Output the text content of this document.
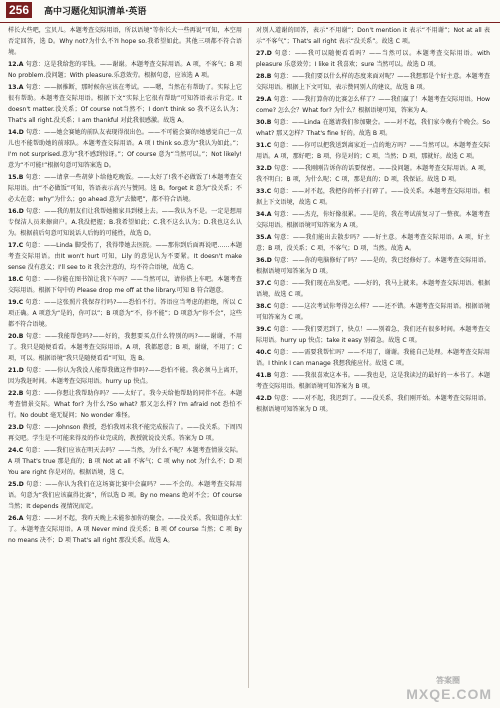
256	高中习题化知识清单·英语
样长大些吧，宝贝儿。本题考查交际用语，所以语境“等你长大一些再说”可知，本空用否定回答，选 D。Why not?为什么不?I hope so.我希望如此。其他三项都不符合语境。
12.A 句意：这是我给您的零钱。——谢谢。本题考查交际用语。A 项，不客气；B 项 No problem.没问题；With pleasure.乐意效劳。根据句意，应该选 A 项。
13.A 句意：——据推断，那时候你应该在考试。——嗯，当然在有帮助了。实际上它很有帮助。本题考查交际用语。根据下文“实际上它很有帮助”可知答语表示肯定。It doesn't matter.没关系；Of course not当然不；I don't think so 我不这么认为；That's all right.没关系；I am thankful 对此我很感激。故选 A。
14.D 句意：——她会赛她的前队友表现得很出色。——不可能会赛的!她感觉自己一点儿也不能帮助她的前球队。本题考查交际用语。A 项 I think so.意为“我认为如此。”；I'm not surprised.意为“我不感到惊讶。”；Of course 意为“当然可以。”；Not likely!意为“不可能!”根据句意可知答案选 D。
15.B 句意：——请拿一些胡萝卜给他吃晚饭。——太好了!我不必做饭了!本题考查交际用语。由“不必做饭”可知，答语表示高兴与赞同。选 B。forget it 意为“没关系；不必太在意；why”为什么；go ahead 意为“去做吧”，都不符合语境。
16.D 句意：——我的朋友们让我帮她搬家具到楼上去。——我认为不是。一定是想用专保洁人员来擦窗户。A.我没把握；B.我希望如此；C.我不这么认为；D.我也这么认为。根据前后句意可知说话人后悔的可能性，故选 D。
17.C 句意：——Linda 脚受伤了，我得带她去医院。——那你到后面再说吧……本题考查交际用语。由It won't hurt 可知，Lily 的意见认为不要紧。It doesn't make sense 没有意义；I'll see to it 我会注意的，均不符合语境，故选 C。
18.C 句意：——你能在图书馆让我下车吗？——当然可以，请你搭上车吧。本题考查交际用语。根据下句中的 Please drop me off at the library.可知 B 符合题意。
19.C 句意：——这张照片我保存行吗?——恐怕不行。答语应当考虑的拒绝，所以 C 项正确。A 项意为“是的，你可以”；B 项意为“不，你不能”；D 项意为“你不会”，这些都不符合语境。
20.B 句意：——我能帮您吗?——好的，我想要买点什么特别的吗?——谢谢，不用了。我只是随便看看。本题考查交际用语。A 项，我都愿意；B 项，谢谢，不用了；C 项，可以。根据语境“我只是随便看看”可知，选 B。
21.D 句意：——你认为我没人能帮我做这件事吗?——恐怕不能。我必须马上离开，因为我赶时间。本题考查交际用语。hurry up 快点。
22.B 句意：——你想让我帮助你吗？——太好了。我今天给他帮助的同伴不在。本题考查情景交际。What for? 为什么?So what? 那又怎么样? I'm afraid not 恐怕不行。No doubt 毫无疑问；No wonder 难怪。
23.D 句意：——Johnson 教授，恐怕我周末我不能完成报告了。——没关系。下周四再交吧。学生是不可能来得及的作业完成的，教授就说没关系。答案为 D 项。
24.C 句意：——我们应该在明天去吗？——当然，为什么不呢？本题考查情景交际。A 项 That's true 那是真的；B 项 Not at all 不客气；C 项 why not 为什么不；D 项 You are right 你是对的。根据语境，选 C。
25.D 句意：——你认为我们在这场赛比赛中会赢吗？——不会的。本题考查交际用语。句意为“我们应该赢得比赛”，所以选 D 项。By no means 绝对不会；Of course 当然；It depends 视情况而定。
26.A 句意：——对不起，我昨天晚上未能参加你的聚会。——没关系。我知道你太忙了。本题考查交际用语。A 项 Never mind 没关系；B 项 Of course 当然；C 项 By no means 决不；D 项 That's all right 那没关系。故选 A。
对别人道谢的回答，表示“不用谢”；Don't mention it 表示“不用谢”；Not at all 表示“不客气”；That's all right 表示“没关系”。故选 C 项。
27.D 句意：——我可以随便看看吗？——当然可以。本题考查交际用语。with pleasure 乐意效劳；I like it 我喜欢；sure 当然可以。故选 D 项。
28.B 句意：——我们要以什么样的态度来面对呢？——我想那是个好主意。本题考查交际用语。根据上下文可知，表示赞同别人的建议，故选 B 项。
29.A 句意：——我打算你的比赛怎么样了？——我们赢了！本题考查交际用语。How come? 怎么会？What for? 为什么？根据语境可知，答案为 A。
30.B 句意：——Linda 在邀请我们参加聚会。——对不起，我们家今晚有个晚会。So what? 那又怎样？That's fine 好的。故选 B 项。
31.C 句意：——你可以把我送到离家近一点的地方吗？——当然可以。本题考查交际用语。A 项，那好吧；B 项，你是对的；C 项，当然；D 项，那就好。故选 C 项。
32.D 句意：——我刚刚告诉你的话要保密。——没问题。本题考查交际用语。A 项，我不明白；B 项，为什么呢；C 项，那是真的；D 项，我保证。故选 D 项。
33.C 句意：——对不起，我把你的杯子打碎了。——没关系。本题考查交际用语。根据上下文语境，故选 C 项。
34.A 句意：——杰克，你好像很累。——是的，我在考试前复习了一整夜。本题考查交际用语。根据语境可知答案为 A 项。
35.A 句意：——我们能出去散步吗？——好主意。本题考查交际用语。A 项，好主意；B 项，没关系；C 项，不客气；D 项，当然。故选 A。
36.D 句意：——你的电脑修好了吗？——是的，我已经修好了。本题考查交际用语。根据语境可知答案为 D 项。
37.C 句意：——我们现在出发吧。——好的，我马上就来。本题考查交际用语。根据语境，故选 C 项。
38.C 句意：——这次考试你考得怎么样？——还不错。本题考查交际用语。根据语境可知答案为 C 项。
39.C 句意：——我们要迟到了，快点！——别着急，我们还有很多时间。本题考查交际用语。hurry up 快点；take it easy 别着急。故选 C 项。
40.C 句意：——需要我帮忙吗？——不用了，谢谢。我能自己处理。本题考查交际用语。I think I can manage 我想我能应付。故选 C 项。
41.B 句意：——我很喜欢这本书。——我也是，这是我读过的最好的一本书了。本题考查交际用语。根据语境可知答案为 B 项。
42.D 句意：——对不起，我迟到了。——没关系，我们刚开始。本题考查交际用语。根据语境可知答案为 D 项。
答案圈
MXQE.COM
